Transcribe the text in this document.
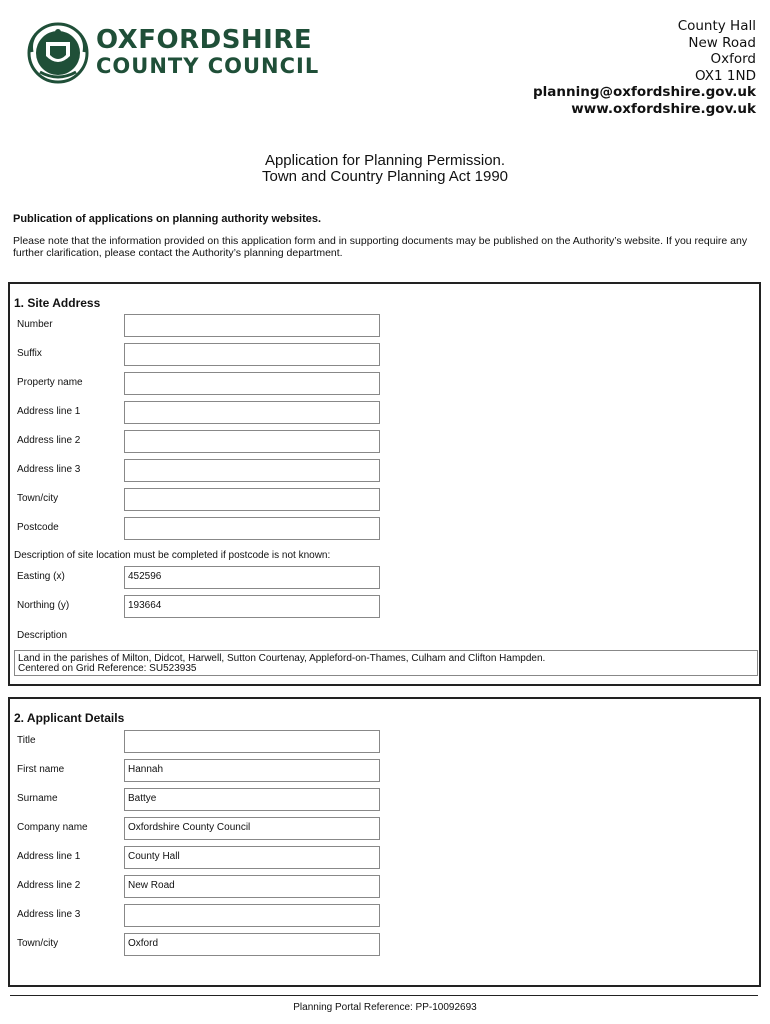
OXFORDSHIRE
COUNTY COUNCIL
County Hall
New Road
Oxford
OX1 1ND
planning@oxfordshire.gov.uk
www.oxfordshire.gov.uk
Application for Planning Permission.
Town and Country Planning Act 1990
Publication of applications on planning authority websites.
Please note that the information provided on this application form and in supporting documents may be published on the Authority’s website. If you require any further clarification, please contact the Authority’s planning department.
1. Site Address
Number
Suffix
Property name
Address line 1
Address line 2
Address line 3
Town/city
Postcode
Description of site location must be completed if postcode is not known:
Easting (x)	452596
Northing (y)	193664
Description
Land in the parishes of Milton, Didcot, Harwell, Sutton Courtenay, Appleford-on-Thames, Culham and Clifton Hampden.
Centered on Grid Reference: SU523935
2. Applicant Details
Title
First name	Hannah
Surname	Battye
Company name	Oxfordshire County Council
Address line 1	County Hall
Address line 2	New Road
Address line 3
Town/city	Oxford
Planning Portal Reference: PP-10092693
